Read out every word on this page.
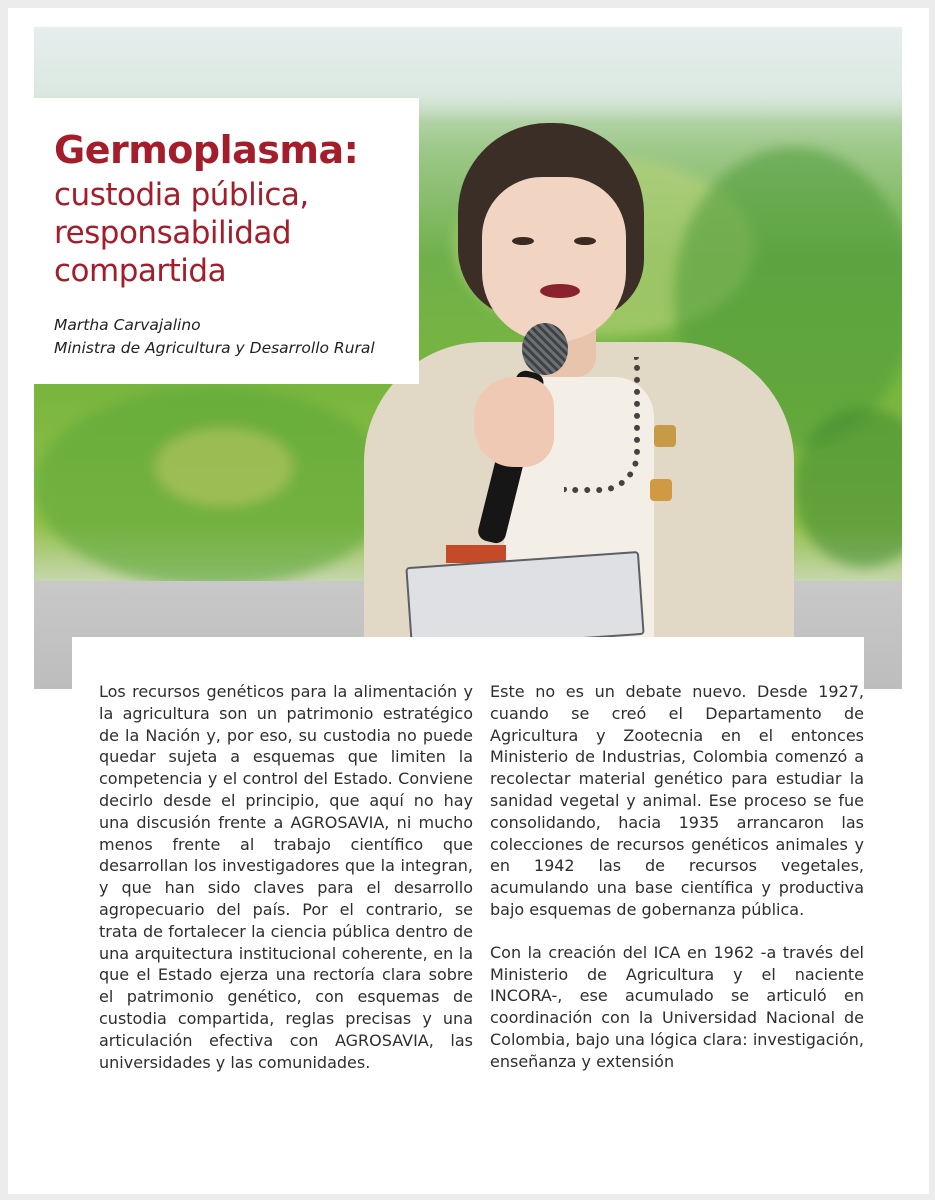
Germoplasma:
custodia pública,
responsabilidad
compartida
Martha Carvajalino
Ministra de Agricultura y Desarrollo Rural

Los recursos genéticos para la alimentación y la agricultura son un patrimonio estratégico de la Nación y, por eso, su custodia no puede quedar sujeta a esquemas que limiten la competencia y el control del Estado. Conviene decirlo desde el principio, que aquí no hay una discusión frente a AGROSAVIA, ni mucho menos frente al trabajo científico que desarrollan los investigadores que la integran, y que han sido claves para el desarrollo agropecuario del país. Por el contrario, se trata de fortalecer la ciencia pública dentro de una arquitectura institucional coherente, en la que el Estado ejerza una rectoría clara sobre el patrimonio genético, con esquemas de custodia compartida, reglas precisas y una articulación efectiva con AGROSAVIA, las universidades y las comunidades.

Este no es un debate nuevo. Desde 1927, cuando se creó el Departamento de Agricultura y Zootecnia en el entonces Ministerio de Industrias, Colombia comenzó a recolectar material genético para estudiar la sanidad vegetal y animal. Ese proceso se fue consolidando, hacia 1935 arrancaron las colecciones de recursos genéticos animales y en 1942 las de recursos vegetales, acumulando una base científica y productiva bajo esquemas de gobernanza pública.

Con la creación del ICA en 1962 -a través del Ministerio de Agricultura y el naciente INCORA-, ese acumulado se articuló en coordinación con la Universidad Nacional de Colombia, bajo una lógica clara: investigación, enseñanza y extensión
